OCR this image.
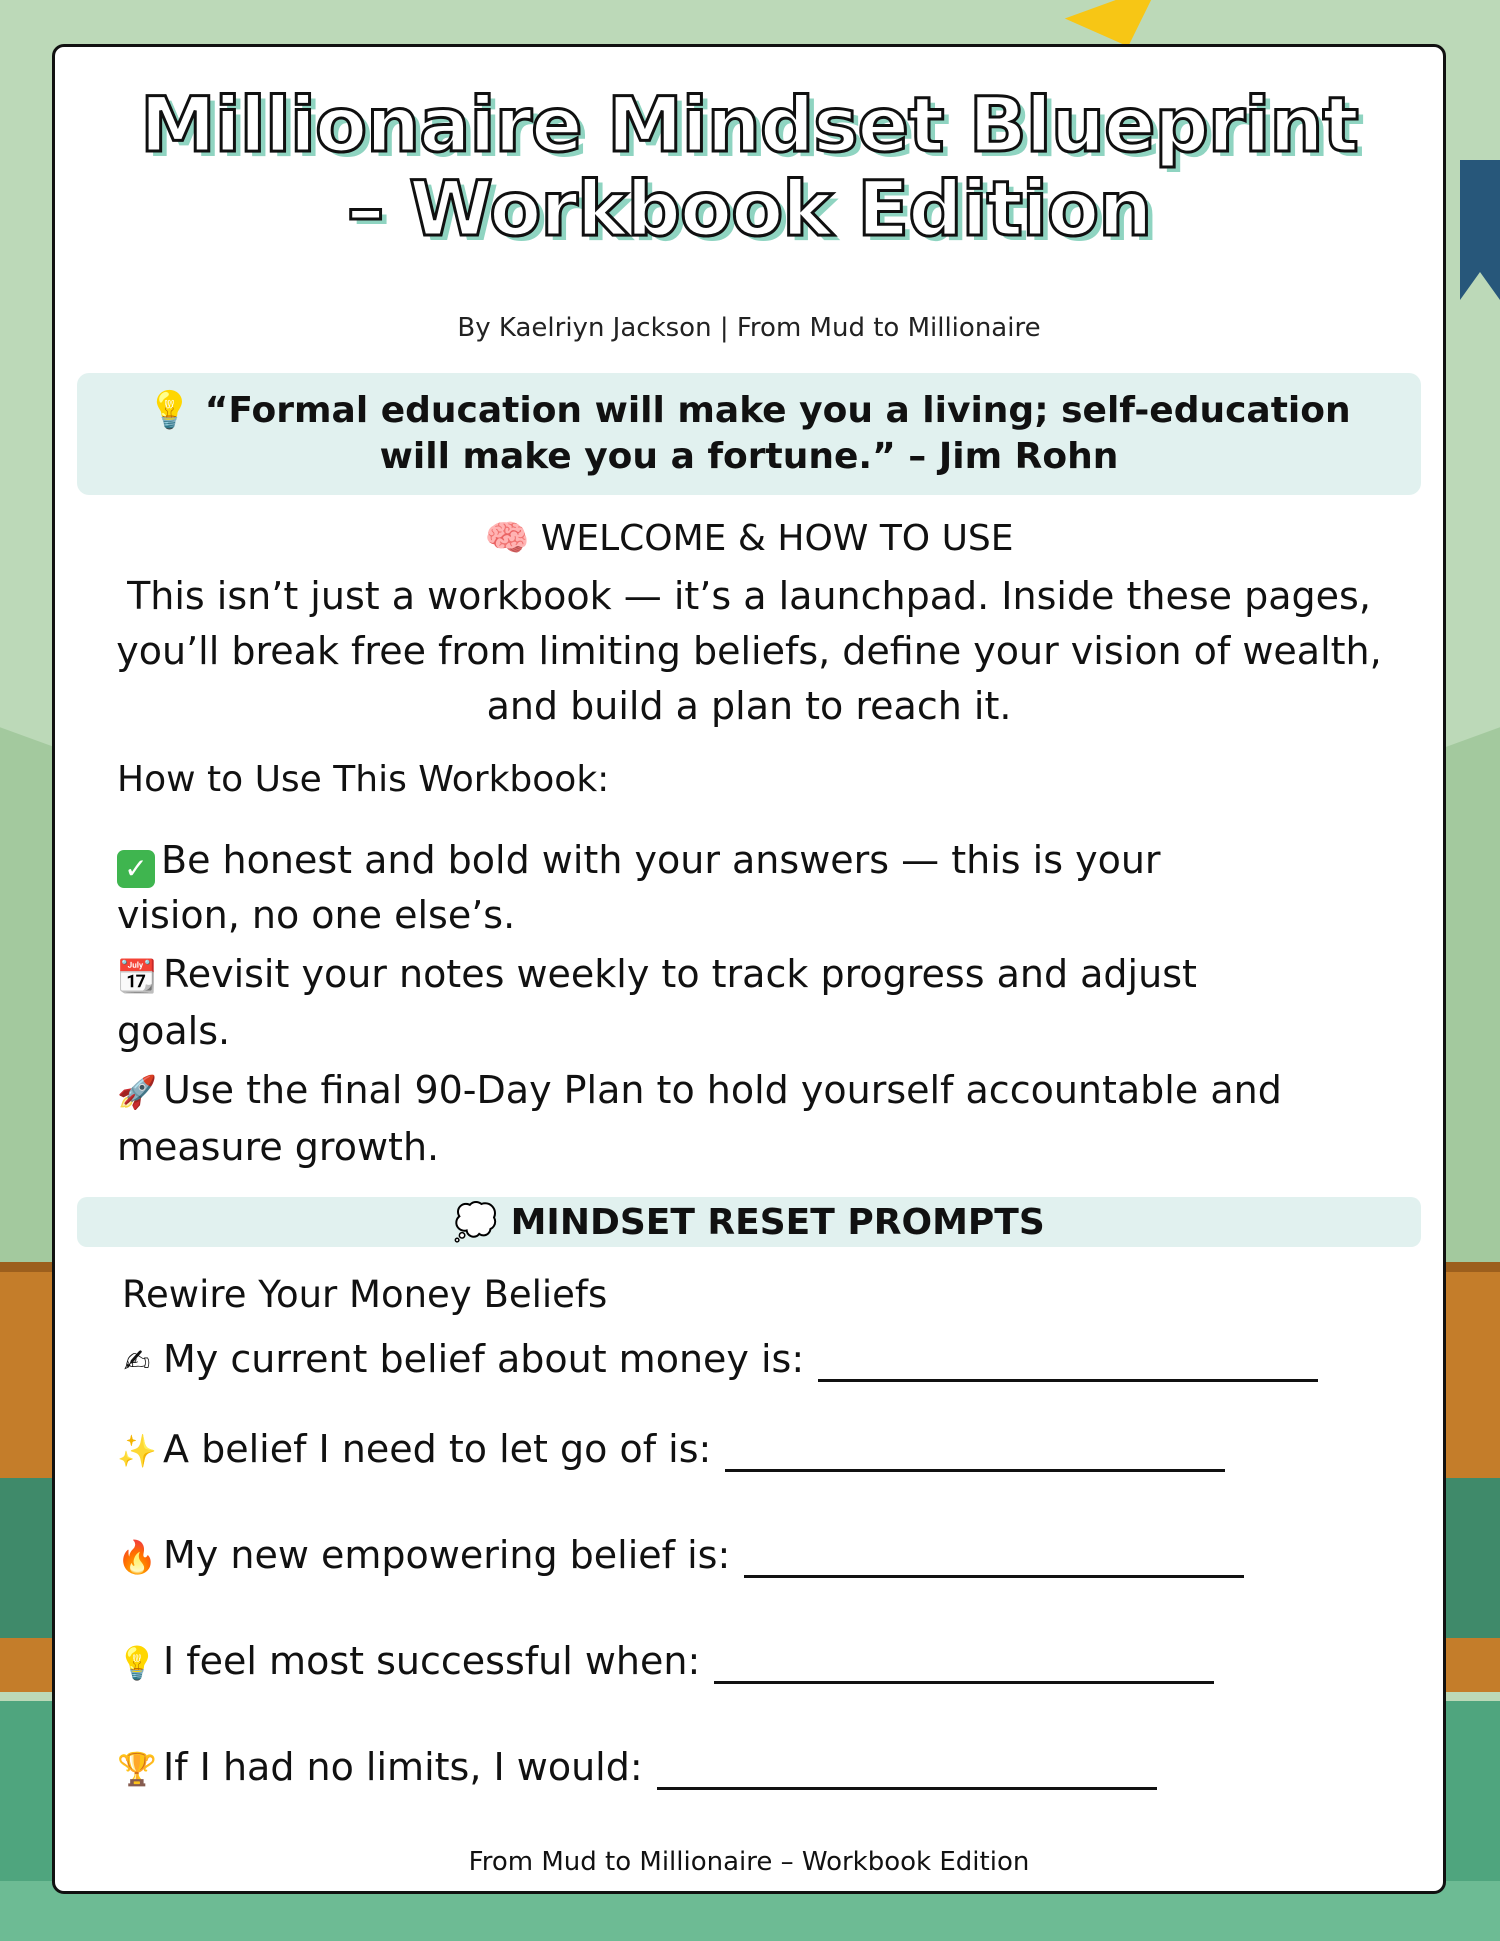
Millionaire Mindset Blueprint
– Workbook Edition
By Kaelriyn Jackson | From Mud to Millionaire
💡 “Formal education will make you a living; self-education will make you a fortune.” – Jim Rohn
🧠 WELCOME & HOW TO USE

This isn’t just a workbook — it’s a launchpad. Inside these pages, you’ll break free from limiting beliefs, define your vision of wealth, and build a plan to reach it.

How to Use This Workbook:
✓ Be honest and bold with your answers — this is your vision, no one else’s.
📆 Revisit your notes weekly to track progress and adjust goals.
🚀 Use the final 90-Day Plan to hold yourself accountable and measure growth.
💭 MINDSET RESET PROMPTS
Rewire Your Money Beliefs
✍ My current belief about money is:
✨ A belief I need to let go of is:
🔥 My new empowering belief is:
💡 I feel most successful when:
🏆 If I had no limits, I would:
From Mud to Millionaire – Workbook Edition
